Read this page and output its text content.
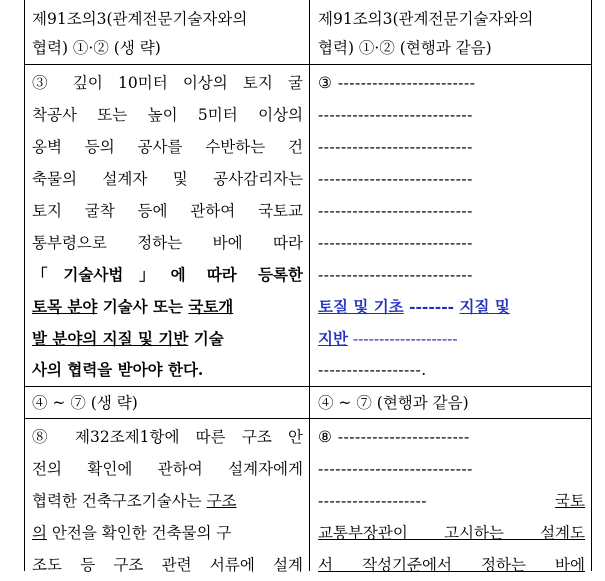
제91조의3(관계전문기술자와의
협력) ①·② (생 략)
③ 깊이 10미터 이상의 토지 굴
착공사 또는 높이 5미터 이상의
옹벽 등의 공사를 수반하는 건
축물의 설계자 및 공사감리자는
토지 굴착 등에 관하여 국토교
통부령으로 정하는 바에 따라
「기술사법」에 따라 등록한
토목 분야 기술사 또는 국토개
발 분야의 지질 및 기반 기술
사의 협력을 받아야 한다.
④ ~ ⑦ (생 략)
⑧ 제32조제1항에 따른 구조 안
전의 확인에 관하여 설계자에게
협력한 건축구조기술사는 구조
의 안전을 확인한 건축물의 구
조도 등 구조 관련 서류에 설계
제91조의3(관계전문기술자와의
협력) ①·② (현행과 같음)
③ ------------------------
---------------------------
---------------------------
---------------------------
---------------------------
---------------------------
---------------------------
토질 및 기초 ------- 지질 및
지반 --------------------
------------------.
④ ~ ⑦ (현행과 같음)
⑧ -----------------------
---------------------------
-------------------	국토
교통부장관이 고시하는 설계도
서 작성기준에서 정하는 바에
